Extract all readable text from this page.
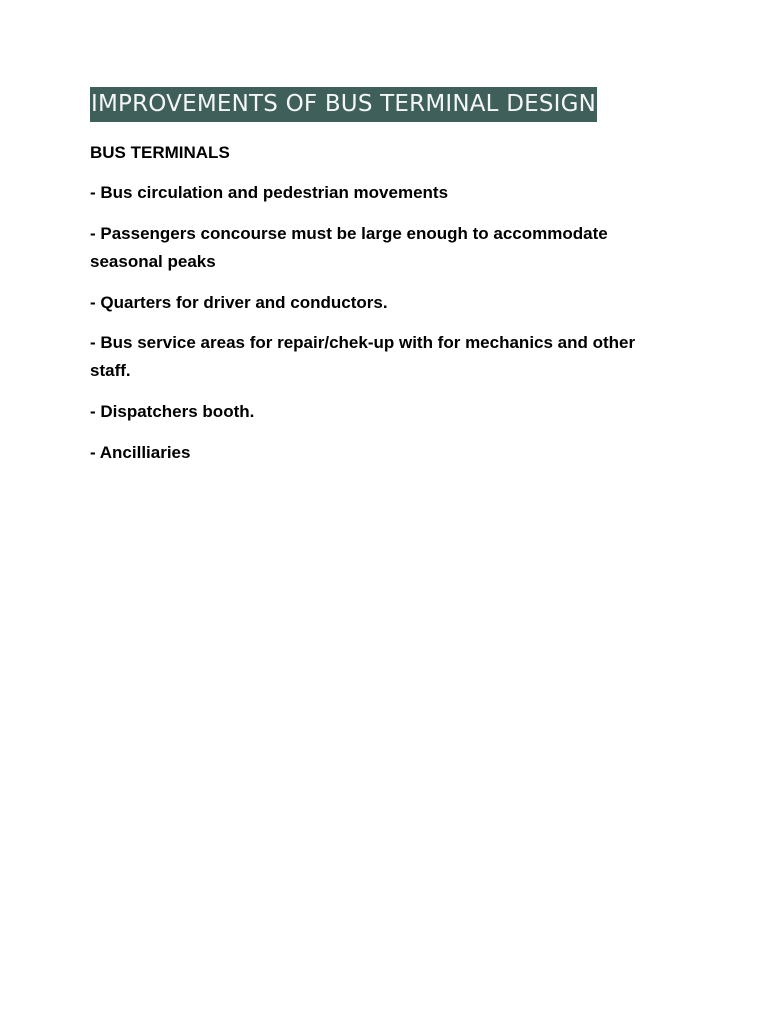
IMPROVEMENTS OF BUS TERMINAL DESIGN
BUS TERMINALS
- Bus circulation and pedestrian movements
- Passengers concourse must be large enough to accommodate
seasonal peaks
- Quarters for driver and conductors.
- Bus service areas for repair/chek-up with for mechanics and other
staff.
- Dispatchers booth.
- Ancilliaries
